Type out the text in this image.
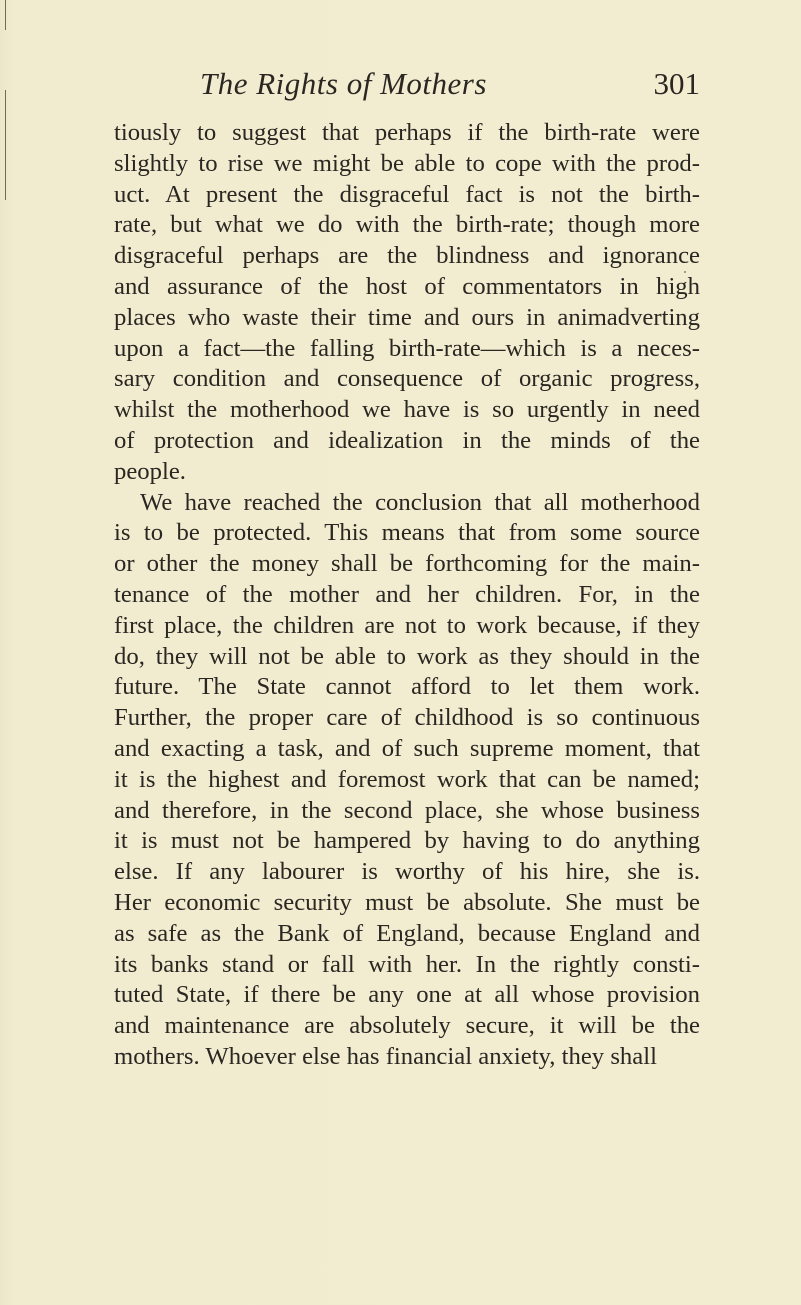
The Rights of Mothers	301
tiously to suggest that perhaps if the birth-rate were
slightly to rise we might be able to cope with the prod-
uct. At present the disgraceful fact is not the birth-
rate, but what we do with the birth-rate; though more
disgraceful perhaps are the blindness and ignorance
and assurance of the host of commentators in high
places who waste their time and ours in animadverting
upon a fact—the falling birth-rate—which is a neces-
sary condition and consequence of organic progress,
whilst the motherhood we have is so urgently in need
of protection and idealization in the minds of the
people.
We have reached the conclusion that all motherhood
is to be protected. This means that from some source
or other the money shall be forthcoming for the main-
tenance of the mother and her children. For, in the
first place, the children are not to work because, if they
do, they will not be able to work as they should in the
future. The State cannot afford to let them work.
Further, the proper care of childhood is so continuous
and exacting a task, and of such supreme moment, that
it is the highest and foremost work that can be named;
and therefore, in the second place, she whose business
it is must not be hampered by having to do anything
else. If any labourer is worthy of his hire, she is.
Her economic security must be absolute. She must be
as safe as the Bank of England, because England and
its banks stand or fall with her. In the rightly consti-
tuted State, if there be any one at all whose provision
and maintenance are absolutely secure, it will be the
mothers. Whoever else has financial anxiety, they shall
